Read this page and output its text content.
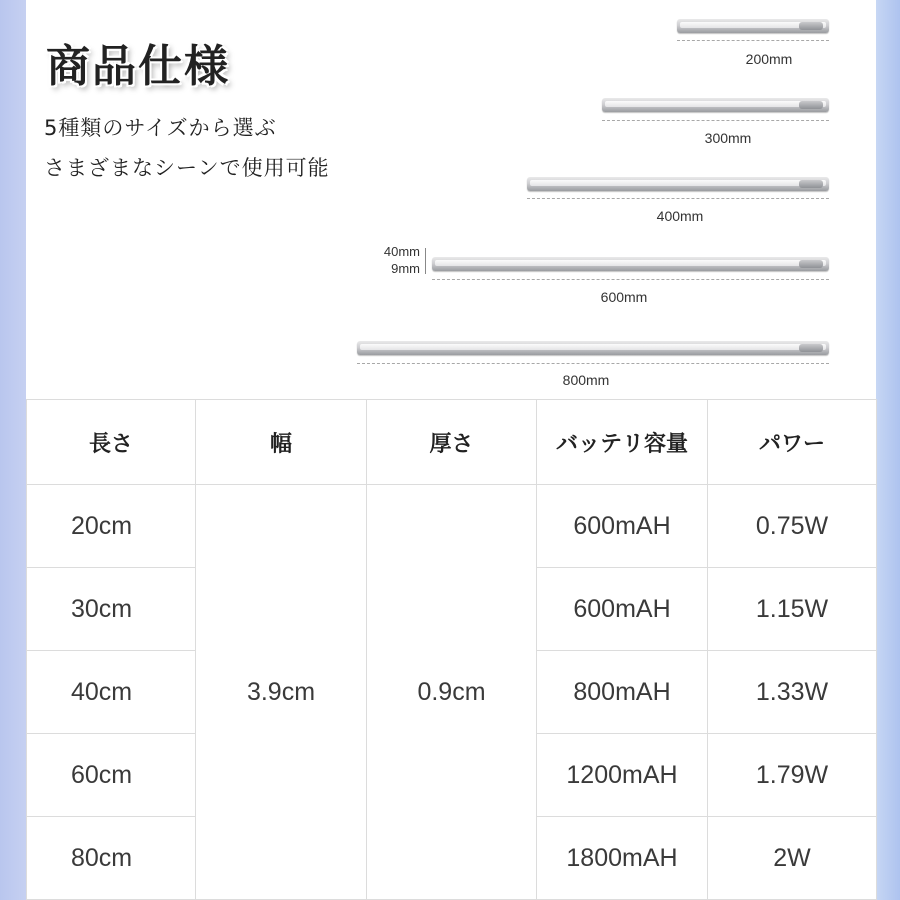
商品仕様
5種類のサイズから選ぶ
さまざまなシーンで使用可能
200mm
300mm
400mm
40mm
9mm
600mm
800mm
長さ	幅	厚さ	バッテリ容量	パワー
20cm	3.9cm	0.9cm	600mAH	0.75W
30cm			600mAH	1.15W
40cm			800mAH	1.33W
60cm			1200mAH	1.79W
80cm			1800mAH	2W
